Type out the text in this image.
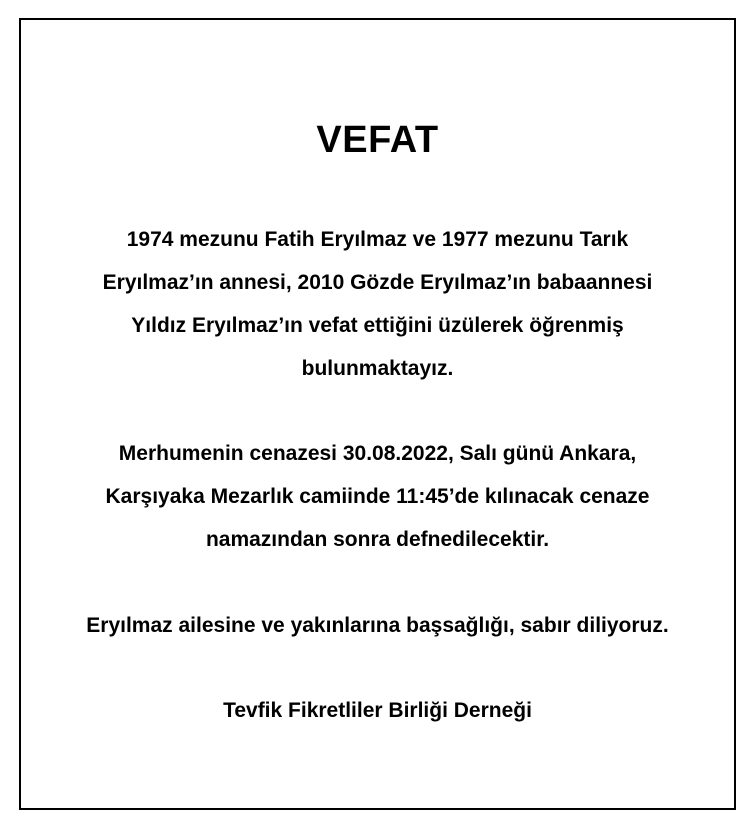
VEFAT
1974 mezunu Fatih Eryılmaz ve 1977 mezunu Tarık
Eryılmaz’ın annesi, 2010 Gözde Eryılmaz’ın babaannesi
Yıldız Eryılmaz’ın vefat ettiğini üzülerek öğrenmiş
bulunmaktayız.
Merhumenin cenazesi 30.08.2022, Salı günü Ankara,
Karşıyaka Mezarlık camiinde 11:45’de kılınacak cenaze
namazından sonra defnedilecektir.
Eryılmaz ailesine ve yakınlarına başsağlığı, sabır diliyoruz.
Tevfik Fikretliler Birliği Derneği
